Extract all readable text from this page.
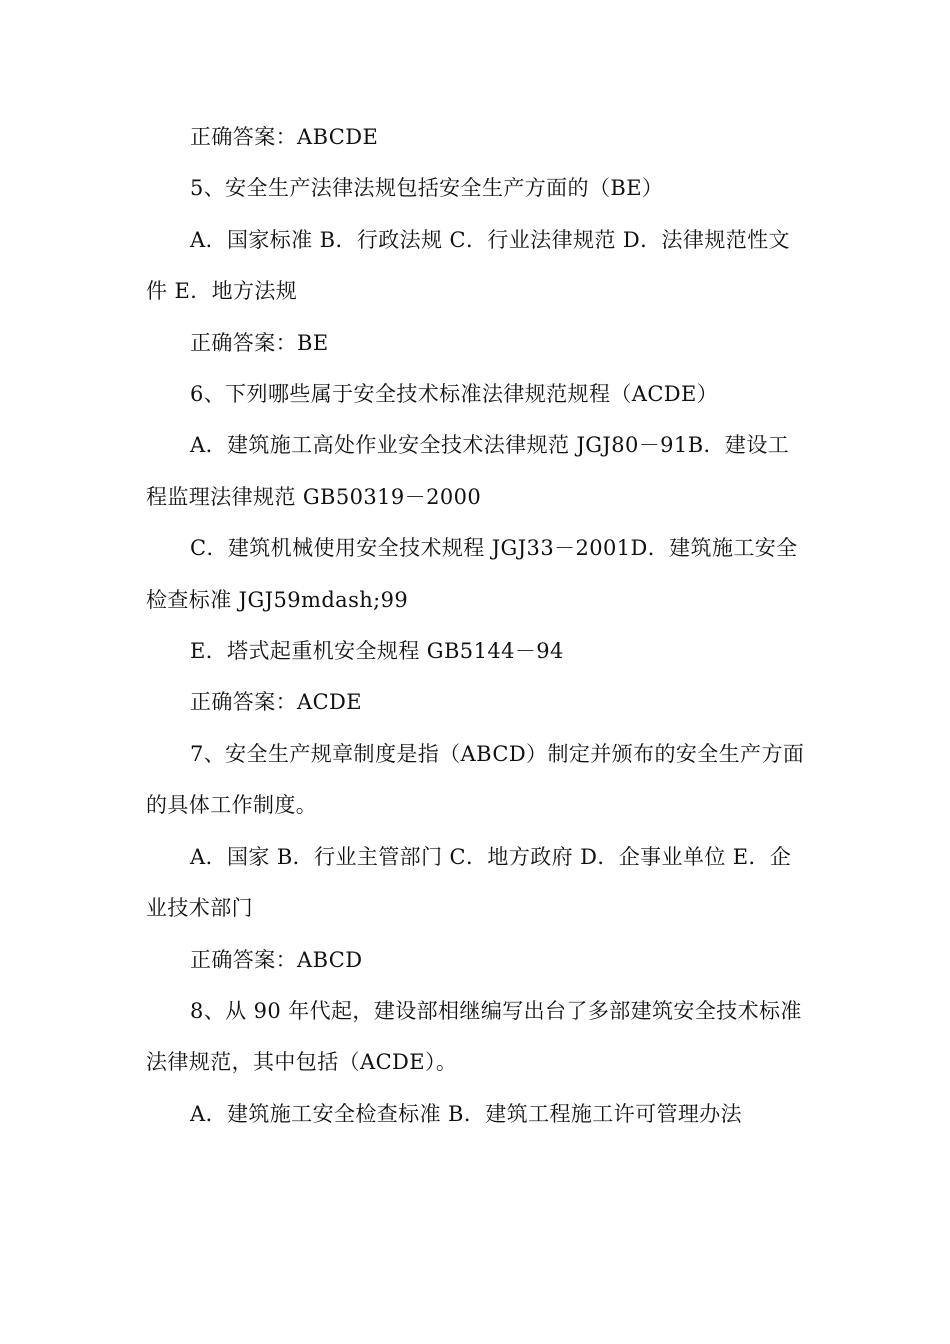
正确答案：ABCDE

5、安全生产法律法规包括安全生产方面的（BE）

A．国家标准 B．行政法规 C．行业法律规范 D．法律规范性文件 E．地方法规

正确答案：BE

6、下列哪些属于安全技术标准法律规范规程（ACDE）

A．建筑施工高处作业安全技术法律规范 JGJ80－91B．建设工程监理法律规范 GB50319－2000

C．建筑机械使用安全技术规程 JGJ33－2001D．建筑施工安全检查标准 JGJ59mdash;99

E．塔式起重机安全规程 GB5144－94

正确答案：ACDE

7、安全生产规章制度是指（ABCD）制定并颁布的安全生产方面的具体工作制度。

A．国家 B．行业主管部门 C．地方政府 D．企事业单位 E．企业技术部门

正确答案：ABCD

8、从 90 年代起，建设部相继编写出台了多部建筑安全技术标准法律规范，其中包括（ACDE）。

A．建筑施工安全检查标准 B．建筑工程施工许可管理办法
